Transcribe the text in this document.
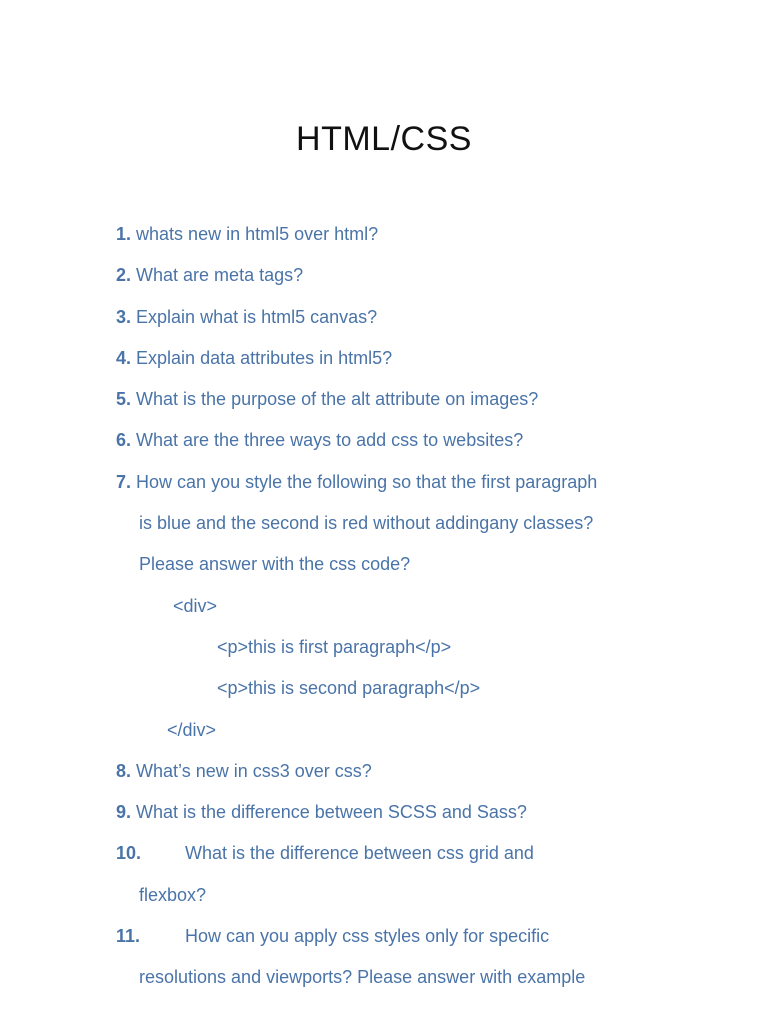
HTML/CSS
1. whats new in html5 over html?
2. What are meta tags?
3. Explain what is html5 canvas?
4. Explain data attributes in html5?
5. What is the purpose of the alt attribute on images?
6. What are the three ways to add css to websites?
7. How can you style the following so that the first paragraph
is blue and the second is red without addingany classes?
Please answer with the css code?
<div>
<p>this is first paragraph</p>
<p>this is second paragraph</p>
</div>
8. What’s new in css3 over css?
9. What is the difference between SCSS and Sass?
10. What is the difference between css grid and
flexbox?
11. How can you apply css styles only for specific
resolutions and viewports? Please answer with example
